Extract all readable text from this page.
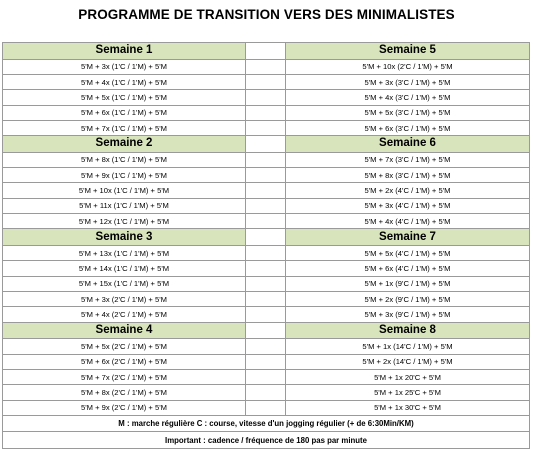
PROGRAMME DE TRANSITION VERS DES MINIMALISTES
Semaine 1		Semaine 5
5'M + 3x (1'C / 1'M) + 5'M		5'M + 10x (2'C / 1'M) + 5'M
5'M + 4x (1'C / 1'M) + 5'M		5'M + 3x (3'C / 1'M) + 5'M
5'M + 5x (1'C / 1'M) + 5'M		5'M + 4x (3'C / 1'M) + 5'M
5'M + 6x (1'C / 1'M) + 5'M		5'M + 5x (3'C / 1'M) + 5'M
5'M + 7x (1'C / 1'M) + 5'M		5'M + 6x (3'C / 1'M) + 5'M
Semaine 2		Semaine 6
5'M + 8x (1'C / 1'M) + 5'M		5'M + 7x (3'C / 1'M) + 5'M
5'M + 9x (1'C / 1'M) + 5'M		5'M + 8x (3'C / 1'M) + 5'M
5'M + 10x (1'C / 1'M) + 5'M		5'M + 2x (4'C / 1'M) + 5'M
5'M + 11x (1'C / 1'M) + 5'M		5'M + 3x (4'C / 1'M) + 5'M
5'M + 12x (1'C / 1'M) + 5'M		5'M + 4x (4'C / 1'M) + 5'M
Semaine 3		Semaine 7
5'M + 13x (1'C / 1'M) + 5'M		5'M + 5x (4'C / 1'M) + 5'M
5'M + 14x (1'C / 1'M) + 5'M		5'M + 6x (4'C / 1'M) + 5'M
5'M + 15x (1'C / 1'M) + 5'M		5'M + 1x (9'C / 1'M) + 5'M
5'M + 3x (2'C / 1'M) + 5'M		5'M + 2x (9'C / 1'M) + 5'M
5'M + 4x (2'C / 1'M) + 5'M		5'M + 3x (9'C / 1'M) + 5'M
Semaine 4		Semaine 8
5'M + 5x (2'C / 1'M) + 5'M		5'M + 1x (14'C / 1'M) + 5'M
5'M + 6x (2'C / 1'M) + 5'M		5'M + 2x (14'C / 1'M) + 5'M
5'M + 7x (2'C / 1'M) + 5'M		5'M + 1x 20'C + 5'M
5'M + 8x (2'C / 1'M) + 5'M		5'M + 1x 25'C + 5'M
5'M + 9x (2'C / 1'M) + 5'M		5'M + 1x 30'C + 5'M
M : marche régulière C : course, vitesse d'un jogging régulier (+ de 6:30Min/KM)		
Important : cadence / fréquence de 180 pas par minute		
